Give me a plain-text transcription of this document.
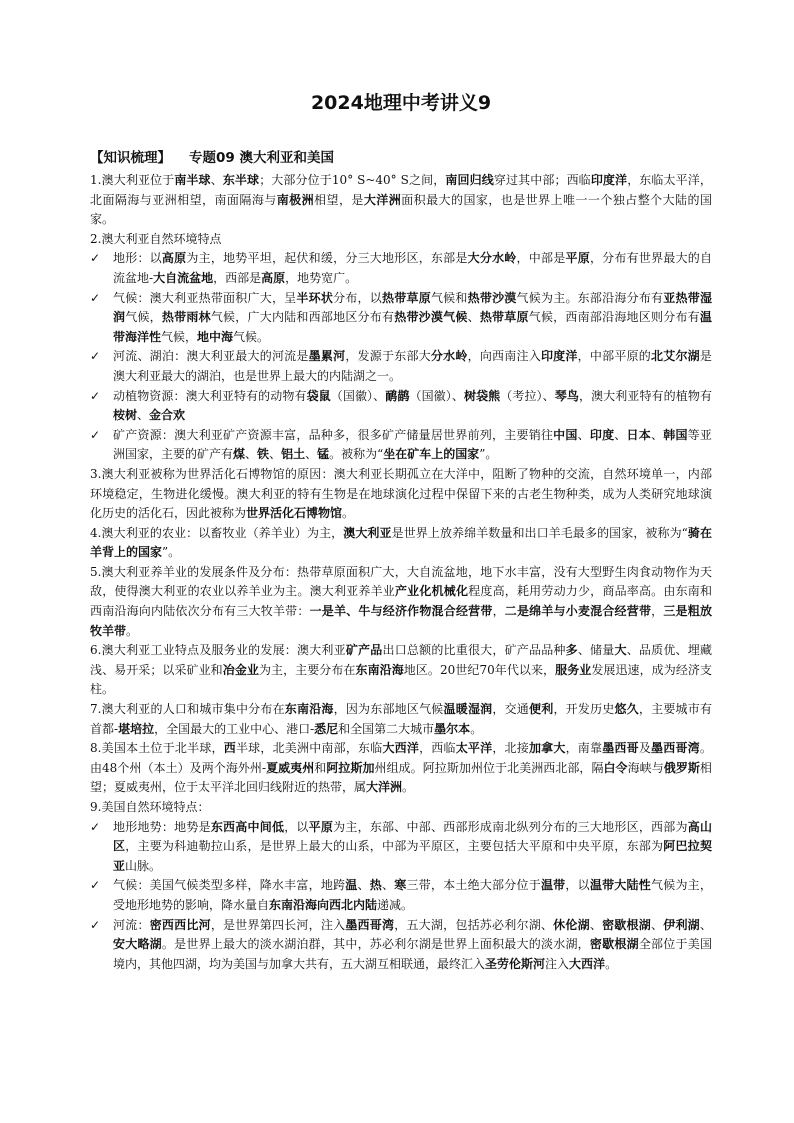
2024地理中考讲义9
【知识梳理】 专题09 澳大利亚和美国
1.澳大利亚位于南半球、东半球；大部分位于10° S~40° S之间，南回归线穿过其中部；西临印度洋，东临太平洋，北面隔海与亚洲相望，南面隔海与南极洲相望，是大洋洲面积最大的国家，也是世界上唯一一个独占整个大陆的国家。
2.澳大利亚自然环境特点
✓ 地形：以高原为主，地势平坦，起伏和缓，分三大地形区，东部是大分水岭，中部是平原，分布有世界最大的自流盆地-大自流盆地，西部是高原，地势宽广。
✓ 气候：澳大利亚热带面积广大，呈半环状分布，以热带草原气候和热带沙漠气候为主。东部沿海分布有亚热带湿润气候，热带雨林气候，广大内陆和西部地区分布有热带沙漠气候、热带草原气候，西南部沿海地区则分布有温带海洋性气候，地中海气候。
✓ 河流、湖泊：澳大利亚最大的河流是墨累河，发源于东部大分水岭，向西南注入印度洋，中部平原的北艾尔湖是澳大利亚最大的湖泊，也是世界上最大的内陆湖之一。
✓ 动植物资源：澳大利亚特有的动物有袋鼠（国徽）、鸸鹋（国徽）、树袋熊（考拉）、琴鸟，澳大利亚特有的植物有桉树、金合欢
✓ 矿产资源：澳大利亚矿产资源丰富，品种多，很多矿产储量居世界前列，主要销往中国、印度、日本、韩国等亚洲国家，主要的矿产有煤、铁、铝土、锰。被称为“坐在矿车上的国家”。
3.澳大利亚被称为世界活化石博物馆的原因：澳大利亚长期孤立在大洋中，阻断了物种的交流，自然环境单一，内部环境稳定，生物进化缓慢。澳大利亚的特有生物是在地球演化过程中保留下来的古老生物种类，成为人类研究地球演化历史的活化石，因此被称为世界活化石博物馆。
4.澳大利亚的农业：以畜牧业（养羊业）为主，澳大利亚是世界上放养绵羊数量和出口羊毛最多的国家，被称为“骑在羊背上的国家”。
5.澳大利亚养羊业的发展条件及分布：热带草原面积广大，大自流盆地，地下水丰富，没有大型野生肉食动物作为天敌，使得澳大利亚的农业以养羊业为主。澳大利亚养羊业产业化机械化程度高，耗用劳动力少，商品率高。由东南和西南沿海向内陆依次分布有三大牧羊带：一是羊、牛与经济作物混合经营带，二是绵羊与小麦混合经营带，三是粗放牧羊带。
6.澳大利亚工业特点及服务业的发展：澳大利亚矿产品出口总额的比重很大，矿产品品种多、储量大、品质优、埋藏浅、易开采；以采矿业和冶金业为主，主要分布在东南沿海地区。20世纪70年代以来，服务业发展迅速，成为经济支柱。
7.澳大利亚的人口和城市集中分布在东南沿海，因为东部地区气候温暖湿润，交通便利，开发历史悠久，主要城市有首都-堪培拉，全国最大的工业中心、港口-悉尼和全国第二大城市墨尔本。
8.美国本土位于北半球，西半球，北美洲中南部，东临大西洋，西临太平洋，北接加拿大，南靠墨西哥及墨西哥湾。由48个州（本土）及两个海外州-夏威夷州和阿拉斯加州组成。阿拉斯加州位于北美洲西北部，隔白令海峡与俄罗斯相望；夏威夷州，位于太平洋北回归线附近的热带，属大洋洲。
9.美国自然环境特点：
✓ 地形地势：地势是东西高中间低，以平原为主，东部、中部、西部形成南北纵列分布的三大地形区，西部为高山区，主要为科迪勒拉山系，是世界上最大的山系，中部为平原区，主要包括大平原和中央平原，东部为阿巴拉契亚山脉。
✓ 气候：美国气候类型多样，降水丰富，地跨温、热、寒三带，本土绝大部分位于温带，以温带大陆性气候为主，受地形地势的影响，降水量自东南沿海向西北内陆递减。
✓ 河流：密西西比河，是世界第四长河，注入墨西哥湾，五大湖，包括苏必利尔湖、休伦湖、密歇根湖、伊利湖、安大略湖。是世界上最大的淡水湖泊群，其中，苏必利尔湖是世界上面积最大的淡水湖，密歇根湖全部位于美国境内，其他四湖，均为美国与加拿大共有，五大湖互相联通，最终汇入圣劳伦斯河注入大西洋。
